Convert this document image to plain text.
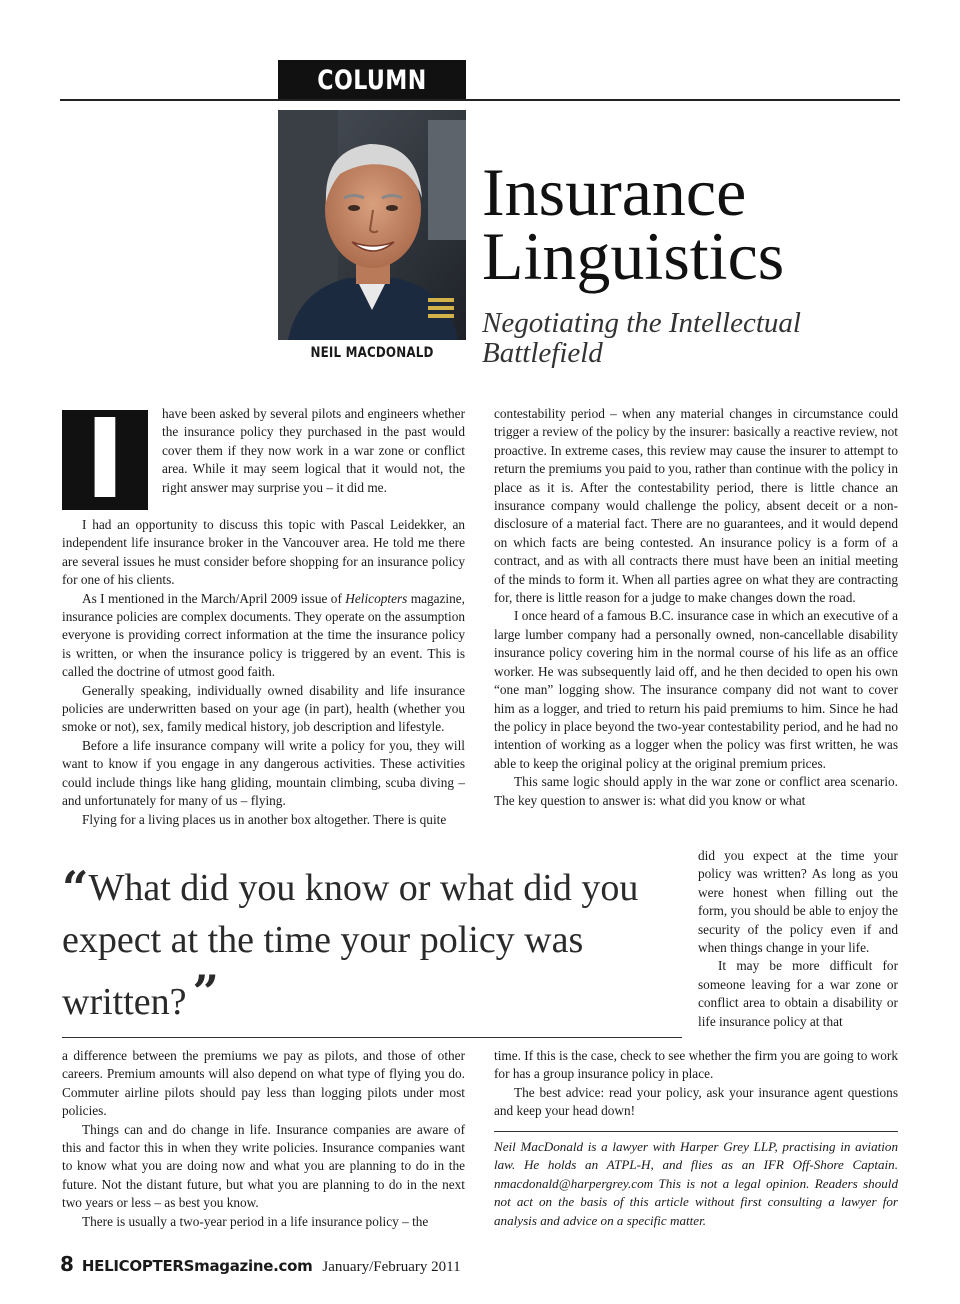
COLUMN
NEIL MACDONALD
Insurance
Linguistics
Negotiating the Intellectual
Battlefield
I	have been asked by several pilots and engineers whether the insurance policy they purchased in the past would cover them if they now work in a war zone or conflict area. While it may seem logical that it would not, the right answer may surprise you – it did me.

I had an opportunity to discuss this topic with Pascal Leidekker, an independent life insurance broker in the Vancouver area. He told me there are several issues he must consider before shopping for an insurance policy for one of his clients.

As I mentioned in the March/April 2009 issue of Helicopters magazine, insurance policies are complex documents. They operate on the assumption everyone is providing correct information at the time the insurance policy is written, or when the insurance policy is triggered by an event. This is called the doctrine of utmost good faith.

Generally speaking, individually owned disability and life insurance policies are underwritten based on your age (in part), health (whether you smoke or not), sex, family medical history, job description and lifestyle.

Before a life insurance company will write a policy for you, they will want to know if you engage in any dangerous activities. These activities could include things like hang gliding, mountain climbing, scuba diving – and unfortunately for many of us – flying.

Flying for a living places us in another box altogether. There is quite

“What did you know or what did you expect at the time your policy was written? ”

a difference between the premiums we pay as pilots, and those of other careers. Premium amounts will also depend on what type of flying you do. Commuter airline pilots should pay less than logging pilots under most policies.

Things can and do change in life. Insurance companies are aware of this and factor this in when they write policies. Insurance companies want to know what you are doing now and what you are planning to do in the future. Not the distant future, but what you are planning to do in the next two years or less – as best you know.

There is usually a two-year period in a life insurance policy – the

contestability period – when any material changes in circumstance could trigger a review of the policy by the insurer: basically a reactive review, not proactive. In extreme cases, this review may cause the insurer to attempt to return the premiums you paid to you, rather than continue with the policy in place as it is. After the contestability period, there is little chance an insurance company would challenge the policy, absent deceit or a non-disclosure of a material fact. There are no guarantees, and it would depend on which facts are being contested. An insurance policy is a form of a contract, and as with all contracts there must have been an initial meeting of the minds to form it. When all parties agree on what they are contracting for, there is little reason for a judge to make changes down the road.

I once heard of a famous B.C. insurance case in which an executive of a large lumber company had a personally owned, non-cancellable disability insurance policy covering him in the normal course of his life as an office worker. He was subsequently laid off, and he then decided to open his own “one man” logging show. The insurance company did not want to cover him as a logger, and tried to return his paid premiums to him. Since he had the policy in place beyond the two-year contestability period, and he had no intention of working as a logger when the policy was first written, he was able to keep the original policy at the original premium prices.

This same logic should apply in the war zone or conflict area scenario. The key question to answer is: what did you know or what

did you expect at the time your policy was written? As long as you were honest when filling out the form, you should be able to enjoy the security of the policy even if and when things change in your life.

It may be more difficult for someone leaving for a war zone or conflict area to obtain a disability or life insurance policy at that

time. If this is the case, check to see whether the firm you are going to work for has a group insurance policy in place.

The best advice: read your policy, ask your insurance agent questions and keep your head down!

Neil MacDonald is a lawyer with Harper Grey LLP, practising in aviation law. He holds an ATPL-H, and flies as an IFR Off-Shore Captain. nmacdonald@harpergrey.com This is not a legal opinion. Readers should not act on the basis of this article without first consulting a lawyer for analysis and advice on a specific matter.
8 HELICOPTERSmagazine.com January/February 2011
